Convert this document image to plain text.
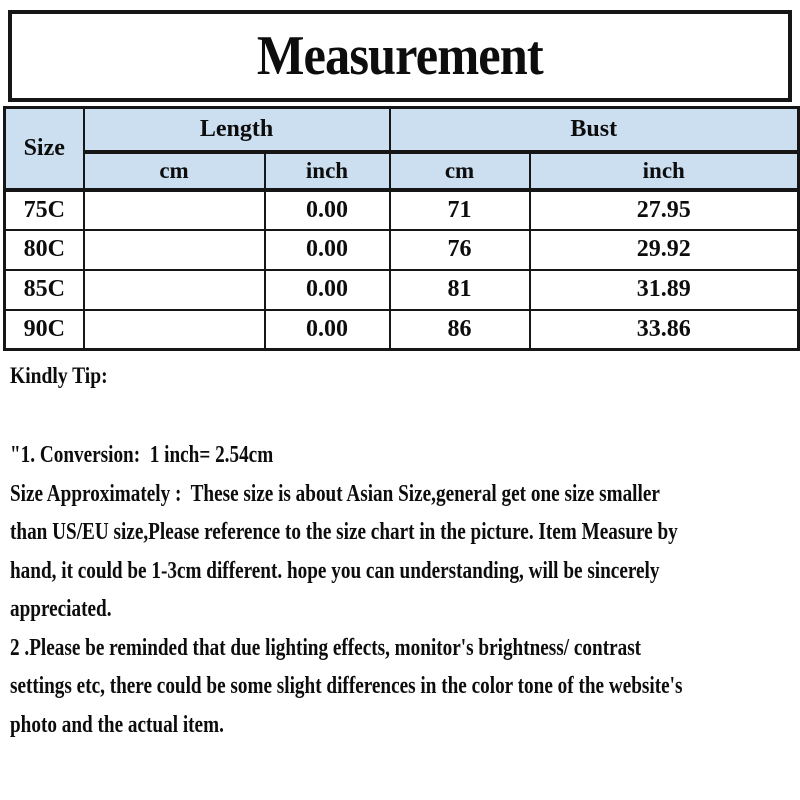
Measurement
Size	Length		Bust	
	cm	inch	cm	inch
75C		0.00	71	27.95
80C		0.00	76	29.92
85C		0.00	81	31.89
90C		0.00	86	33.86
Kindly Tip:
"1. Conversion:  1 inch= 2.54cm
Size Approximately :  These size is about Asian Size,general get one size smaller
than US/EU size,Please reference to the size chart in the picture. Item Measure by
hand, it could be 1-3cm different. hope you can understanding, will be sincerely
appreciated.
2 .Please be reminded that due lighting effects, monitor's brightness/ contrast
settings etc, there could be some slight differences in the color tone of the website's
photo and the actual item.
